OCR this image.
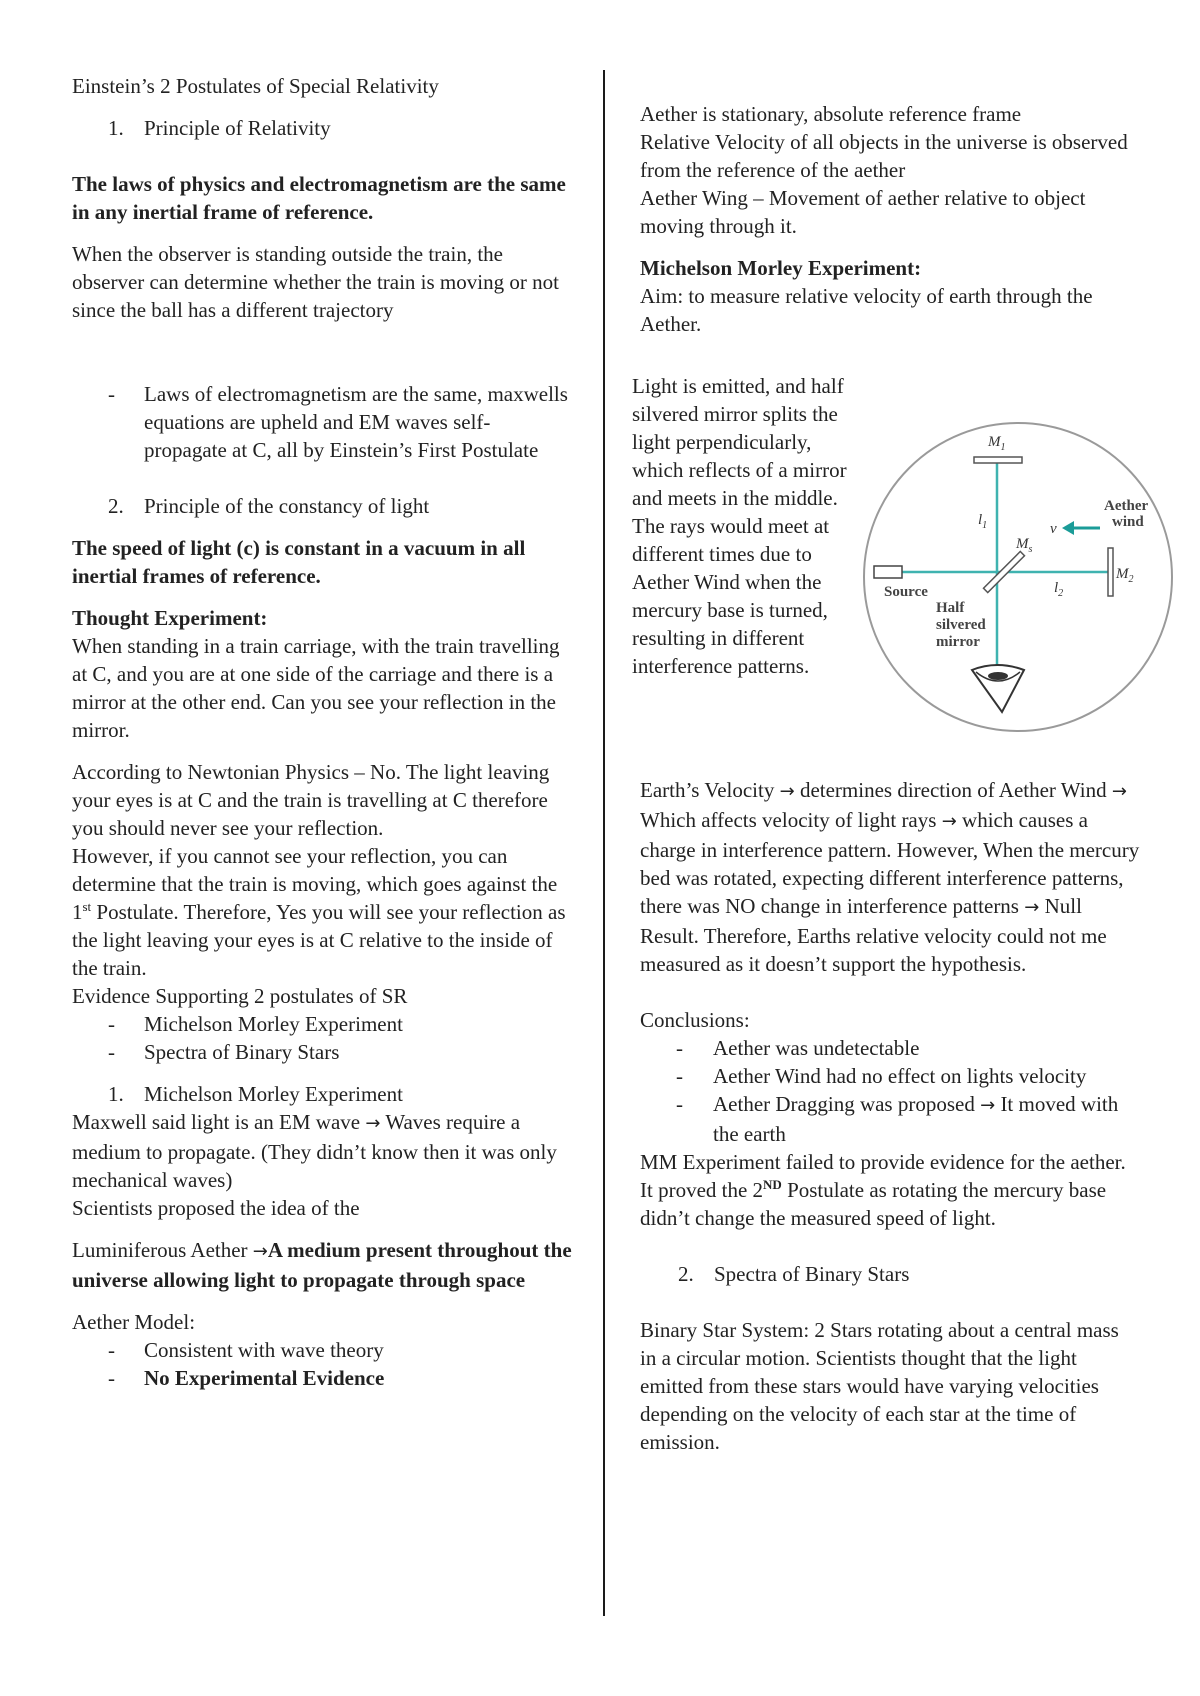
Einstein’s 2 Postulates of Special Relativity

1. Principle of Relativity

The laws of physics and electromagnetism are the same in any inertial frame of reference.

When the observer is standing outside the train, the observer can determine whether the train is moving or not since the ball has a different trajectory

-	Laws of electromagnetism are the same, maxwells equations are upheld and EM waves self-propagate at C, all by Einstein’s First Postulate
2. Principle of the constancy of light

The speed of light (c) is constant in a vacuum in all inertial frames of reference.

Thought Experiment:

When standing in a train carriage, with the train travelling at C, and you are at one side of the carriage and there is a mirror at the other end. Can you see your reflection in the mirror.

According to Newtonian Physics – No. The light leaving your eyes is at C and the train is travelling at C therefore you should never see your reflection.

However, if you cannot see your reflection, you can determine that the train is moving, which goes against the 1st Postulate. Therefore, Yes you will see your reflection as the light leaving your eyes is at C relative to the inside of the train.

Evidence Supporting 2 postulates of SR

-	Michelson Morley Experiment
-	Spectra of Binary Stars
1. Michelson Morley Experiment

Maxwell said light is an EM wave → Waves require a medium to propagate. (They didn’t know then it was only mechanical waves)

Scientists proposed the idea of the

Luminiferous Aether →A medium present throughout the universe allowing light to propagate through space

Aether Model:

-	Consistent with wave theory
-	No Experimental Evidence

Aether is stationary, absolute reference frame

Relative Velocity of all objects in the universe is observed from the reference of the aether

Aether Wing – Movement of aether relative to object moving through it.

Michelson Morley Experiment:

Aim: to measure relative velocity of earth through the Aether.

Light is emitted, and half silvered mirror splits the light perpendicularly, which reflects of a mirror and meets in the middle. The rays would meet at different times due to Aether Wind when the mercury base is turned, resulting in different interference patterns.

$M_1$
$M_2$
$M_s$
$l_1$
$l_2$
v
Aether
wind
Source
Half
silvered
mirror

Earth’s Velocity → determines direction of Aether Wind → Which affects velocity of light rays → which causes a charge in interference pattern. However, When the mercury bed was rotated, expecting different interference patterns, there was NO change in interference patterns → Null Result. Therefore, Earths relative velocity could not me measured as it doesn’t support the hypothesis.

Conclusions:

-	Aether was undetectable
-	Aether Wind had no effect on lights velocity
-	Aether Dragging was proposed → It moved with the earth

MM Experiment failed to provide evidence for the aether. It proved the 2ND Postulate as rotating the mercury base didn’t change the measured speed of light.

2. Spectra of Binary Stars

Binary Star System: 2 Stars rotating about a central mass in a circular motion. Scientists thought that the light emitted from these stars would have varying velocities depending on the velocity of each star at the time of emission.
